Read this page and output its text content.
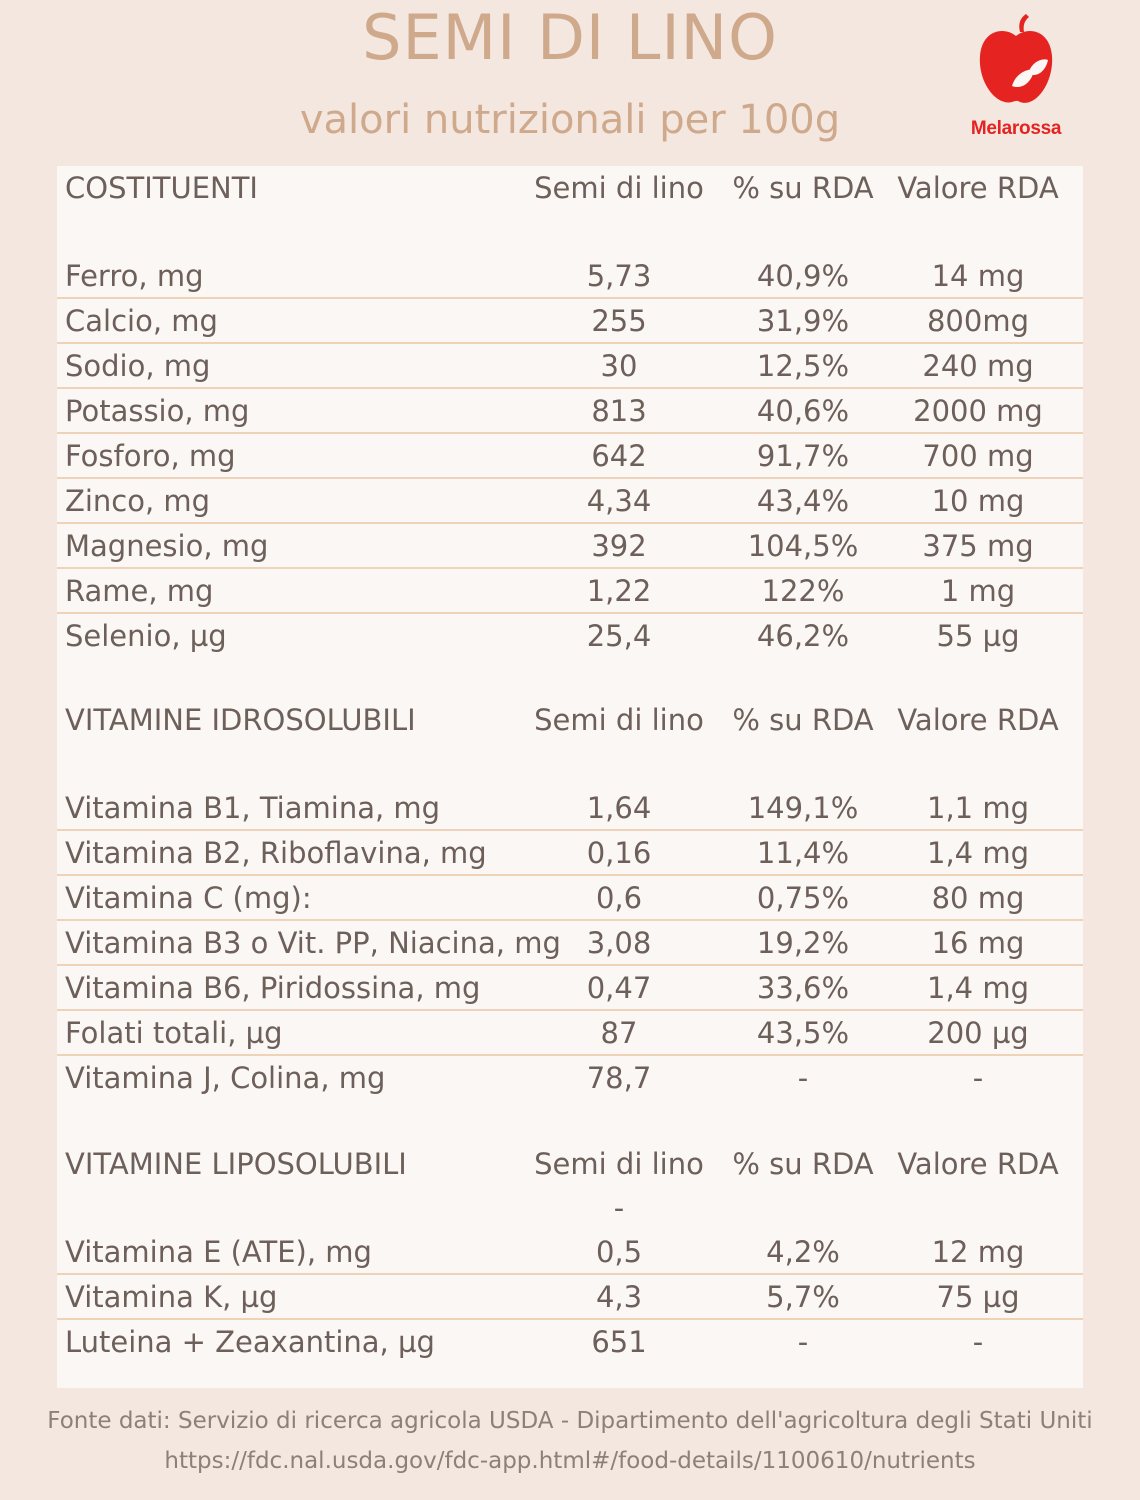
SEMI DI LINO
valori nutrizionali per 100g	Melarossa
COSTITUENTI	Semi di lino % su RDA Valore RDA
Ferro, mg	5,73	40,9%	14 mg
Calcio, mg	255	31,9%	800mg
Sodio, mg	30	12,5%	240 mg
Potassio, mg	813	40,6%	2000 mg
Fosforo, mg	642	91,7%	700 mg
Zinco, mg	4,34	43,4%	10 mg
Magnesio, mg	392	104,5%	375 mg
Rame, mg	1,22	122%	1 mg
Selenio, µg	25,4	46,2%	55 µg
VITAMINE IDROSOLUBILI	Semi di lino % su RDA Valore RDA
Vitamina B1, Tiamina, mg	1,64	149,1%	1,1 mg
Vitamina B2, Riboflavina, mg	0,16	11,4%	1,4 mg
Vitamina C (mg):	0,6	0,75%	80 mg
Vitamina B3 o Vit. PP, Niacina, mg 3,08	19,2%	16 mg
Vitamina B6, Piridossina, mg	0,47	33,6%	1,4 mg
Folati totali, µg	87	43,5%	200 µg
Vitamina J, Colina, mg	78,7	-	-
VITAMINE LIPOSOLUBILI	Semi di lino % su RDA Valore RDA
-
Vitamina E (ATE), mg	0,5	4,2%	12 mg
Vitamina K, µg	4,3	5,7%	75 µg
Luteina + Zeaxantina, µg	651	-	-
Fonte dati: Servizio di ricerca agricola USDA - Dipartimento dell'agricoltura degli Stati Uniti
https://fdc.nal.usda.gov/fdc-app.html#/food-details/1100610/nutrients
